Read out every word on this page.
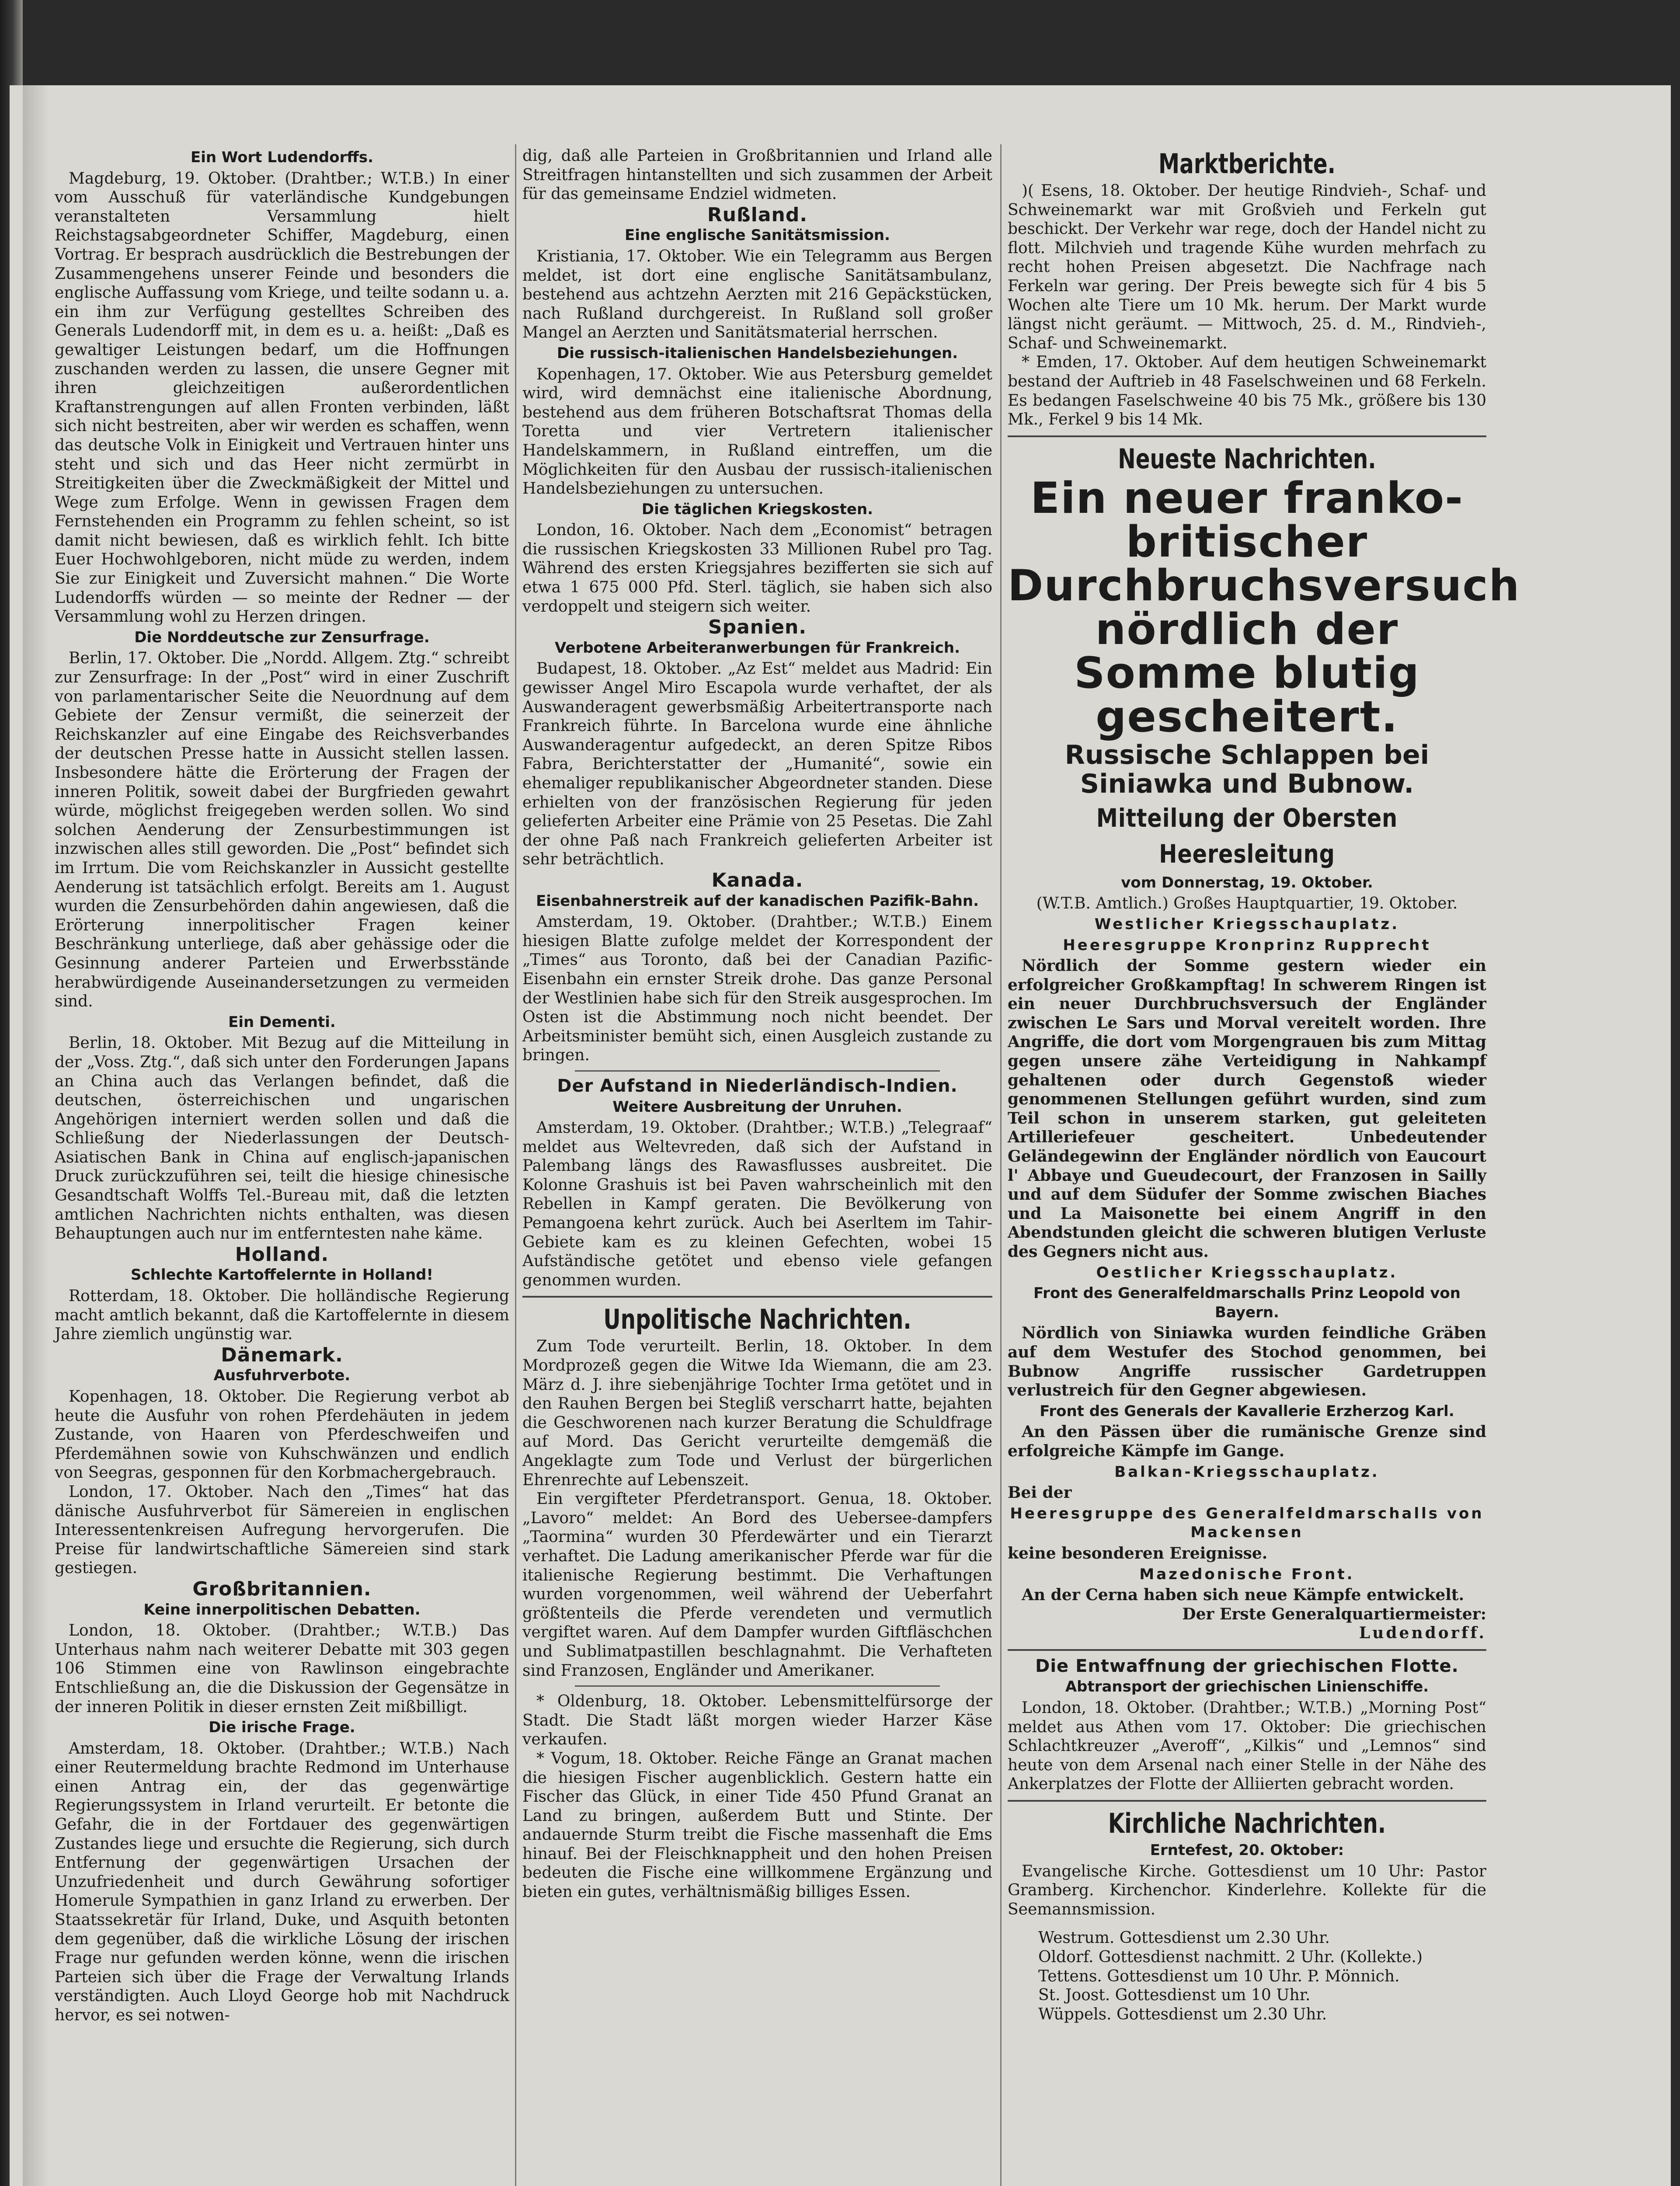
Ein Wort Ludendorffs.

Magdeburg, 19. Oktober. (Drahtber.; W.T.B.) In einer vom Ausschuß für vaterländische Kundgebungen veranstalteten Versammlung hielt Reichstagsabgeordneter Schiffer, Magdeburg, einen Vortrag. Er besprach ausdrücklich die Bestrebungen der Zusammengehens unserer Feinde und besonders die englische Auffassung vom Kriege, und teilte sodann u. a. ein ihm zur Verfügung gestelltes Schreiben des Generals Ludendorff mit, in dem es u. a. heißt: „Daß es gewaltiger Leistungen bedarf, um die Hoffnungen zuschanden werden zu lassen, die unsere Gegner mit ihren gleichzeitigen außerordentlichen Kraftanstrengungen auf allen Fronten verbinden, läßt sich nicht bestreiten, aber wir werden es schaffen, wenn das deutsche Volk in Einigkeit und Vertrauen hinter uns steht und sich und das Heer nicht zermürbt in Streitigkeiten über die Zweckmäßigkeit der Mittel und Wege zum Erfolge. Wenn in gewissen Fragen dem Fernstehenden ein Programm zu fehlen scheint, so ist damit nicht bewiesen, daß es wirklich fehlt. Ich bitte Euer Hochwohlgeboren, nicht müde zu werden, indem Sie zur Einigkeit und Zuversicht mahnen.“ Die Worte Ludendorffs würden — so meinte der Redner — der Versammlung wohl zu Herzen dringen.

Die Norddeutsche zur Zensurfrage.

Berlin, 17. Oktober. Die „Nordd. Allgem. Ztg.“ schreibt zur Zensurfrage: In der „Post“ wird in einer Zuschrift von parlamentarischer Seite die Neuordnung auf dem Gebiete der Zensur vermißt, die seinerzeit der Reichskanzler auf eine Eingabe des Reichsverbandes der deutschen Presse hatte in Aussicht stellen lassen. Insbesondere hätte die Erörterung der Fragen der inneren Politik, soweit dabei der Burgfrieden gewahrt würde, möglichst freigegeben werden sollen. Wo sind solchen Aenderung der Zensurbestimmungen ist inzwischen alles still geworden. Die „Post“ befindet sich im Irrtum. Die vom Reichskanzler in Aussicht gestellte Aenderung ist tatsächlich erfolgt. Bereits am 1. August wurden die Zensurbehörden dahin angewiesen, daß die Erörterung innerpolitischer Fragen keiner Beschränkung unterliege, daß aber gehässige oder die Gesinnung anderer Parteien und Erwerbsstände herabwürdigende Auseinandersetzungen zu vermeiden sind.

Ein Dementi.

Berlin, 18. Oktober. Mit Bezug auf die Mitteilung in der „Voss. Ztg.“, daß sich unter den Forderungen Japans an China auch das Verlangen befindet, daß die deutschen, österreichischen und ungarischen Angehörigen interniert werden sollen und daß die Schließung der Niederlassungen der Deutsch-Asiatischen Bank in China auf englisch-japanischen Druck zurückzuführen sei, teilt die hiesige chinesische Gesandtschaft Wolffs Tel.-Bureau mit, daß die letzten amtlichen Nachrichten nichts enthalten, was diesen Behauptungen auch nur im entferntesten nahe käme.

Holland.
Schlechte Kartoffelernte in Holland!

Rotterdam, 18. Oktober. Die holländische Regierung macht amtlich bekannt, daß die Kartoffelernte in diesem Jahre ziemlich ungünstig war.

Dänemark.
Ausfuhrverbote.

Kopenhagen, 18. Oktober. Die Regierung verbot ab heute die Ausfuhr von rohen Pferdehäuten in jedem Zustande, von Haaren von Pferdeschweifen und Pferdemähnen sowie von Kuhschwänzen und endlich von Seegras, gesponnen für den Korbmachergebrauch.

London, 17. Oktober. Nach den „Times“ hat das dänische Ausfuhrverbot für Sämereien in englischen Interessentenkreisen Aufregung hervorgerufen. Die Preise für landwirtschaftliche Sämereien sind stark gestiegen.

Großbritannien.
Keine innerpolitischen Debatten.

London, 18. Oktober. (Drahtber.; W.T.B.) Das Unterhaus nahm nach weiterer Debatte mit 303 gegen 106 Stimmen eine von Rawlinson eingebrachte Entschließung an, die die Diskussion der Gegensätze in der inneren Politik in dieser ernsten Zeit mißbilligt.

Die irische Frage.

Amsterdam, 18. Oktober. (Drahtber.; W.T.B.) Nach einer Reutermeldung brachte Redmond im Unterhause einen Antrag ein, der das gegenwärtige Regierungssystem in Irland verurteilt. Er betonte die Gefahr, die in der Fortdauer des gegenwärtigen Zustandes liege und ersuchte die Regierung, sich durch Entfernung der gegenwärtigen Ursachen der Unzufriedenheit und durch Gewährung sofortiger Homerule Sympathien in ganz Irland zu erwerben. Der Staatssekretär für Irland, Duke, und Asquith betonten dem gegenüber, daß die wirkliche Lösung der irischen Frage nur gefunden werden könne, wenn die irischen Parteien sich über die Frage der Verwaltung Irlands verständigten. Auch Lloyd George hob mit Nachdruck hervor, es sei notwen-

dig, daß alle Parteien in Großbritannien und Irland alle Streitfragen hintanstellten und sich zusammen der Arbeit für das gemeinsame Endziel widmeten.

Rußland.
Eine englische Sanitätsmission.

Kristiania, 17. Oktober. Wie ein Telegramm aus Bergen meldet, ist dort eine englische Sanitätsambulanz, bestehend aus achtzehn Aerzten mit 216 Gepäckstücken, nach Rußland durchgereist. In Rußland soll großer Mangel an Aerzten und Sanitätsmaterial herrschen.

Die russisch-italienischen Handelsbeziehungen.

Kopenhagen, 17. Oktober. Wie aus Petersburg gemeldet wird, wird demnächst eine italienische Abordnung, bestehend aus dem früheren Botschaftsrat Thomas della Toretta und vier Vertretern italienischer Handelskammern, in Rußland eintreffen, um die Möglichkeiten für den Ausbau der russisch-italienischen Handelsbeziehungen zu untersuchen.

Die täglichen Kriegskosten.

London, 16. Oktober. Nach dem „Economist“ betragen die russischen Kriegskosten 33 Millionen Rubel pro Tag. Während des ersten Kriegsjahres bezifferten sie sich auf etwa 1 675 000 Pfd. Sterl. täglich, sie haben sich also verdoppelt und steigern sich weiter.

Spanien.
Verbotene Arbeiteranwerbungen für Frankreich.

Budapest, 18. Oktober. „Az Est“ meldet aus Madrid: Ein gewisser Angel Miro Escapola wurde verhaftet, der als Auswanderagent gewerbsmäßig Arbeitertransporte nach Frankreich führte. In Barcelona wurde eine ähnliche Auswanderagentur aufgedeckt, an deren Spitze Ribos Fabra, Berichterstatter der „Humanité“, sowie ein ehemaliger republikanischer Abgeordneter standen. Diese erhielten von der französischen Regierung für jeden gelieferten Arbeiter eine Prämie von 25 Pesetas. Die Zahl der ohne Paß nach Frankreich gelieferten Arbeiter ist sehr beträchtlich.

Kanada.
Eisenbahnerstreik auf der kanadischen Pazifik-Bahn.

Amsterdam, 19. Oktober. (Drahtber.; W.T.B.) Einem hiesigen Blatte zufolge meldet der Korrespondent der „Times“ aus Toronto, daß bei der Canadian Pazific-Eisenbahn ein ernster Streik drohe. Das ganze Personal der Westlinien habe sich für den Streik ausgesprochen. Im Osten ist die Abstimmung noch nicht beendet. Der Arbeitsminister bemüht sich, einen Ausgleich zustande zu bringen.

Der Aufstand in Niederländisch-Indien.
Weitere Ausbreitung der Unruhen.

Amsterdam, 19. Oktober. (Drahtber.; W.T.B.) „Telegraaf“ meldet aus Weltevreden, daß sich der Aufstand in Palembang längs des Rawasflusses ausbreitet. Die Kolonne Grashuis ist bei Paven wahrscheinlich mit den Rebellen in Kampf geraten. Die Bevölkerung von Pemangoena kehrt zurück. Auch bei Aserltem im Tahir-Gebiete kam es zu kleinen Gefechten, wobei 15 Aufständische getötet und ebenso viele gefangen genommen wurden.

Unpolitische Nachrichten.

Zum Tode verurteilt. Berlin, 18. Oktober. In dem Mordprozeß gegen die Witwe Ida Wiemann, die am 23. März d. J. ihre siebenjährige Tochter Irma getötet und in den Rauhen Bergen bei Stegliß verscharrt hatte, bejahten die Geschworenen nach kurzer Beratung die Schuldfrage auf Mord. Das Gericht verurteilte demgemäß die Angeklagte zum Tode und Verlust der bürgerlichen Ehrenrechte auf Lebenszeit.

Ein vergifteter Pferdetransport. Genua, 18. Oktober. „Lavoro“ meldet: An Bord des Uebersee-dampfers „Taormina“ wurden 30 Pferdewärter und ein Tierarzt verhaftet. Die Ladung amerikanischer Pferde war für die italienische Regierung bestimmt. Die Verhaftungen wurden vorgenommen, weil während der Ueberfahrt größtenteils die Pferde verendeten und vermutlich vergiftet waren. Auf dem Dampfer wurden Giftfläschchen und Sublimatpastillen beschlagnahmt. Die Verhafteten sind Franzosen, Engländer und Amerikaner.

* Oldenburg, 18. Oktober. Lebensmittelfürsorge der Stadt. Die Stadt läßt morgen wieder Harzer Käse verkaufen.

* Vogum, 18. Oktober. Reiche Fänge an Granat machen die hiesigen Fischer augenblicklich. Gestern hatte ein Fischer das Glück, in einer Tide 450 Pfund Granat an Land zu bringen, außerdem Butt und Stinte. Der andauernde Sturm treibt die Fische massenhaft die Ems hinauf. Bei der Fleischknappheit und den hohen Preisen bedeuten die Fische eine willkommene Ergänzung und bieten ein gutes, verhältnismäßig billiges Essen.

Marktberichte.

)( Esens, 18. Oktober. Der heutige Rindvieh-, Schaf- und Schweinemarkt war mit Großvieh und Ferkeln gut beschickt. Der Verkehr war rege, doch der Handel nicht zu flott. Milchvieh und tragende Kühe wurden mehrfach zu recht hohen Preisen abgesetzt. Die Nachfrage nach Ferkeln war gering. Der Preis bewegte sich für 4 bis 5 Wochen alte Tiere um 10 Mk. herum. Der Markt wurde längst nicht geräumt. — Mittwoch, 25. d. M., Rindvieh-, Schaf- und Schweinemarkt.

* Emden, 17. Oktober. Auf dem heutigen Schweinemarkt bestand der Auftrieb in 48 Faselschweinen und 68 Ferkeln. Es bedangen Faselschweine 40 bis 75 Mk., größere bis 130 Mk., Ferkel 9 bis 14 Mk.

Neueste Nachrichten.
Ein neuer franko-britischer Durchbruchsversuch nördlich der Somme blutig gescheitert.
Russische Schlappen bei Siniawka und Bubnow.
Mitteilung der Obersten Heeresleitung
vom Donnerstag, 19. Oktober.

(W.T.B. Amtlich.) Großes Hauptquartier, 19. Oktober.

Westlicher Kriegsschauplatz.
Heeresgruppe Kronprinz Rupprecht

Nördlich der Somme gestern wieder ein erfolgreicher Großkampftag! In schwerem Ringen ist ein neuer Durchbruchsversuch der Engländer zwischen Le Sars und Morval vereitelt worden. Ihre Angriffe, die dort vom Morgengrauen bis zum Mittag gegen unsere zähe Verteidigung in Nahkampf gehaltenen oder durch Gegenstoß wieder genommenen Stellungen geführt wurden, sind zum Teil schon in unserem starken, gut geleiteten Artilleriefeuer gescheitert. Unbedeutender Geländegewinn der Engländer nördlich von Eaucourt l' Abbaye und Gueudecourt, der Franzosen in Sailly und auf dem Südufer der Somme zwischen Biaches und La Maisonette bei einem Angriff in den Abendstunden gleicht die schweren blutigen Verluste des Gegners nicht aus.

Oestlicher Kriegsschauplatz.
Front des Generalfeldmarschalls Prinz Leopold von Bayern.

Nördlich von Siniawka wurden feindliche Gräben auf dem Westufer des Stochod genommen, bei Bubnow Angriffe russischer Gardetruppen verlustreich für den Gegner abgewiesen.

Front des Generals der Kavallerie Erzherzog Karl.

An den Pässen über die rumänische Grenze sind erfolgreiche Kämpfe im Gange.

Balkan-Kriegsschauplatz.

Bei der

Heeresgruppe des Generalfeldmarschalls von Mackensen

keine besonderen Ereignisse.

Mazedonische Front.

An der Cerna haben sich neue Kämpfe entwickelt.

Der Erste Generalquartiermeister:

Ludendorff.

Die Entwaffnung der griechischen Flotte.
Abtransport der griechischen Linienschiffe.

London, 18. Oktober. (Drahtber.; W.T.B.) „Morning Post“ meldet aus Athen vom 17. Oktober: Die griechischen Schlachtkreuzer „Averoff“, „Kilkis“ und „Lemnos“ sind heute von dem Arsenal nach einer Stelle in der Nähe des Ankerplatzes der Flotte der Alliierten gebracht worden.

Kirchliche Nachrichten.
Erntefest, 20. Oktober:

Evangelische Kirche. Gottesdienst um 10 Uhr: Pastor Gramberg. Kirchenchor. Kinderlehre. Kollekte für die Seemannsmission.

Westrum. Gottesdienst um 2.30 Uhr.

Oldorf. Gottesdienst nachmitt. 2 Uhr. (Kollekte.)

Tettens. Gottesdienst um 10 Uhr. P. Mönnich.

St. Joost. Gottesdienst um 10 Uhr.

Wüppels. Gottesdienst um 2.30 Uhr.
